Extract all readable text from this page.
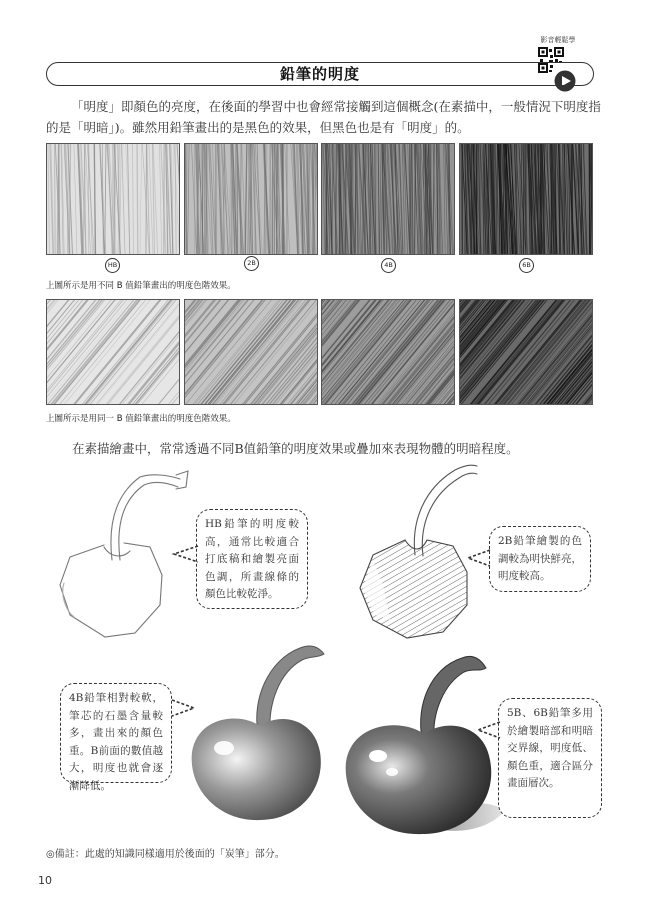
影音輕鬆學
鉛筆的明度
「明度」即顏色的亮度，在後面的學習中也會經常接觸到這個概念(在素描中，一般情況下明度指的是「明暗」)。雖然用鉛筆畫出的是黑色的效果，但黑色也是有「明度」的。
HB	2B	4B	6B
上圖所示是用不同 B 值鉛筆畫出的明度色階效果。
上圖所示是用同一 B 值鉛筆畫出的明度色階效果。
在素描繪畫中，常常透過不同B值鉛筆的明度效果或疊加來表現物體的明暗程度。
HB鉛筆的明度較高，通常比較適合打底稿和繪製亮面色調，所畫線條的顏色比較乾淨。
2B鉛筆繪製的色調較為明快鮮亮，明度較高。
4B鉛筆相對較軟，筆芯的石墨含量較多，畫出來的顏色重。B前面的數值越大，明度也就會逐漸降低。
5B、6B鉛筆多用於繪製暗部和明暗交界線，明度低、顏色重，適合區分畫面層次。
◎備註：此處的知識同樣適用於後面的「炭筆」部分。
10
